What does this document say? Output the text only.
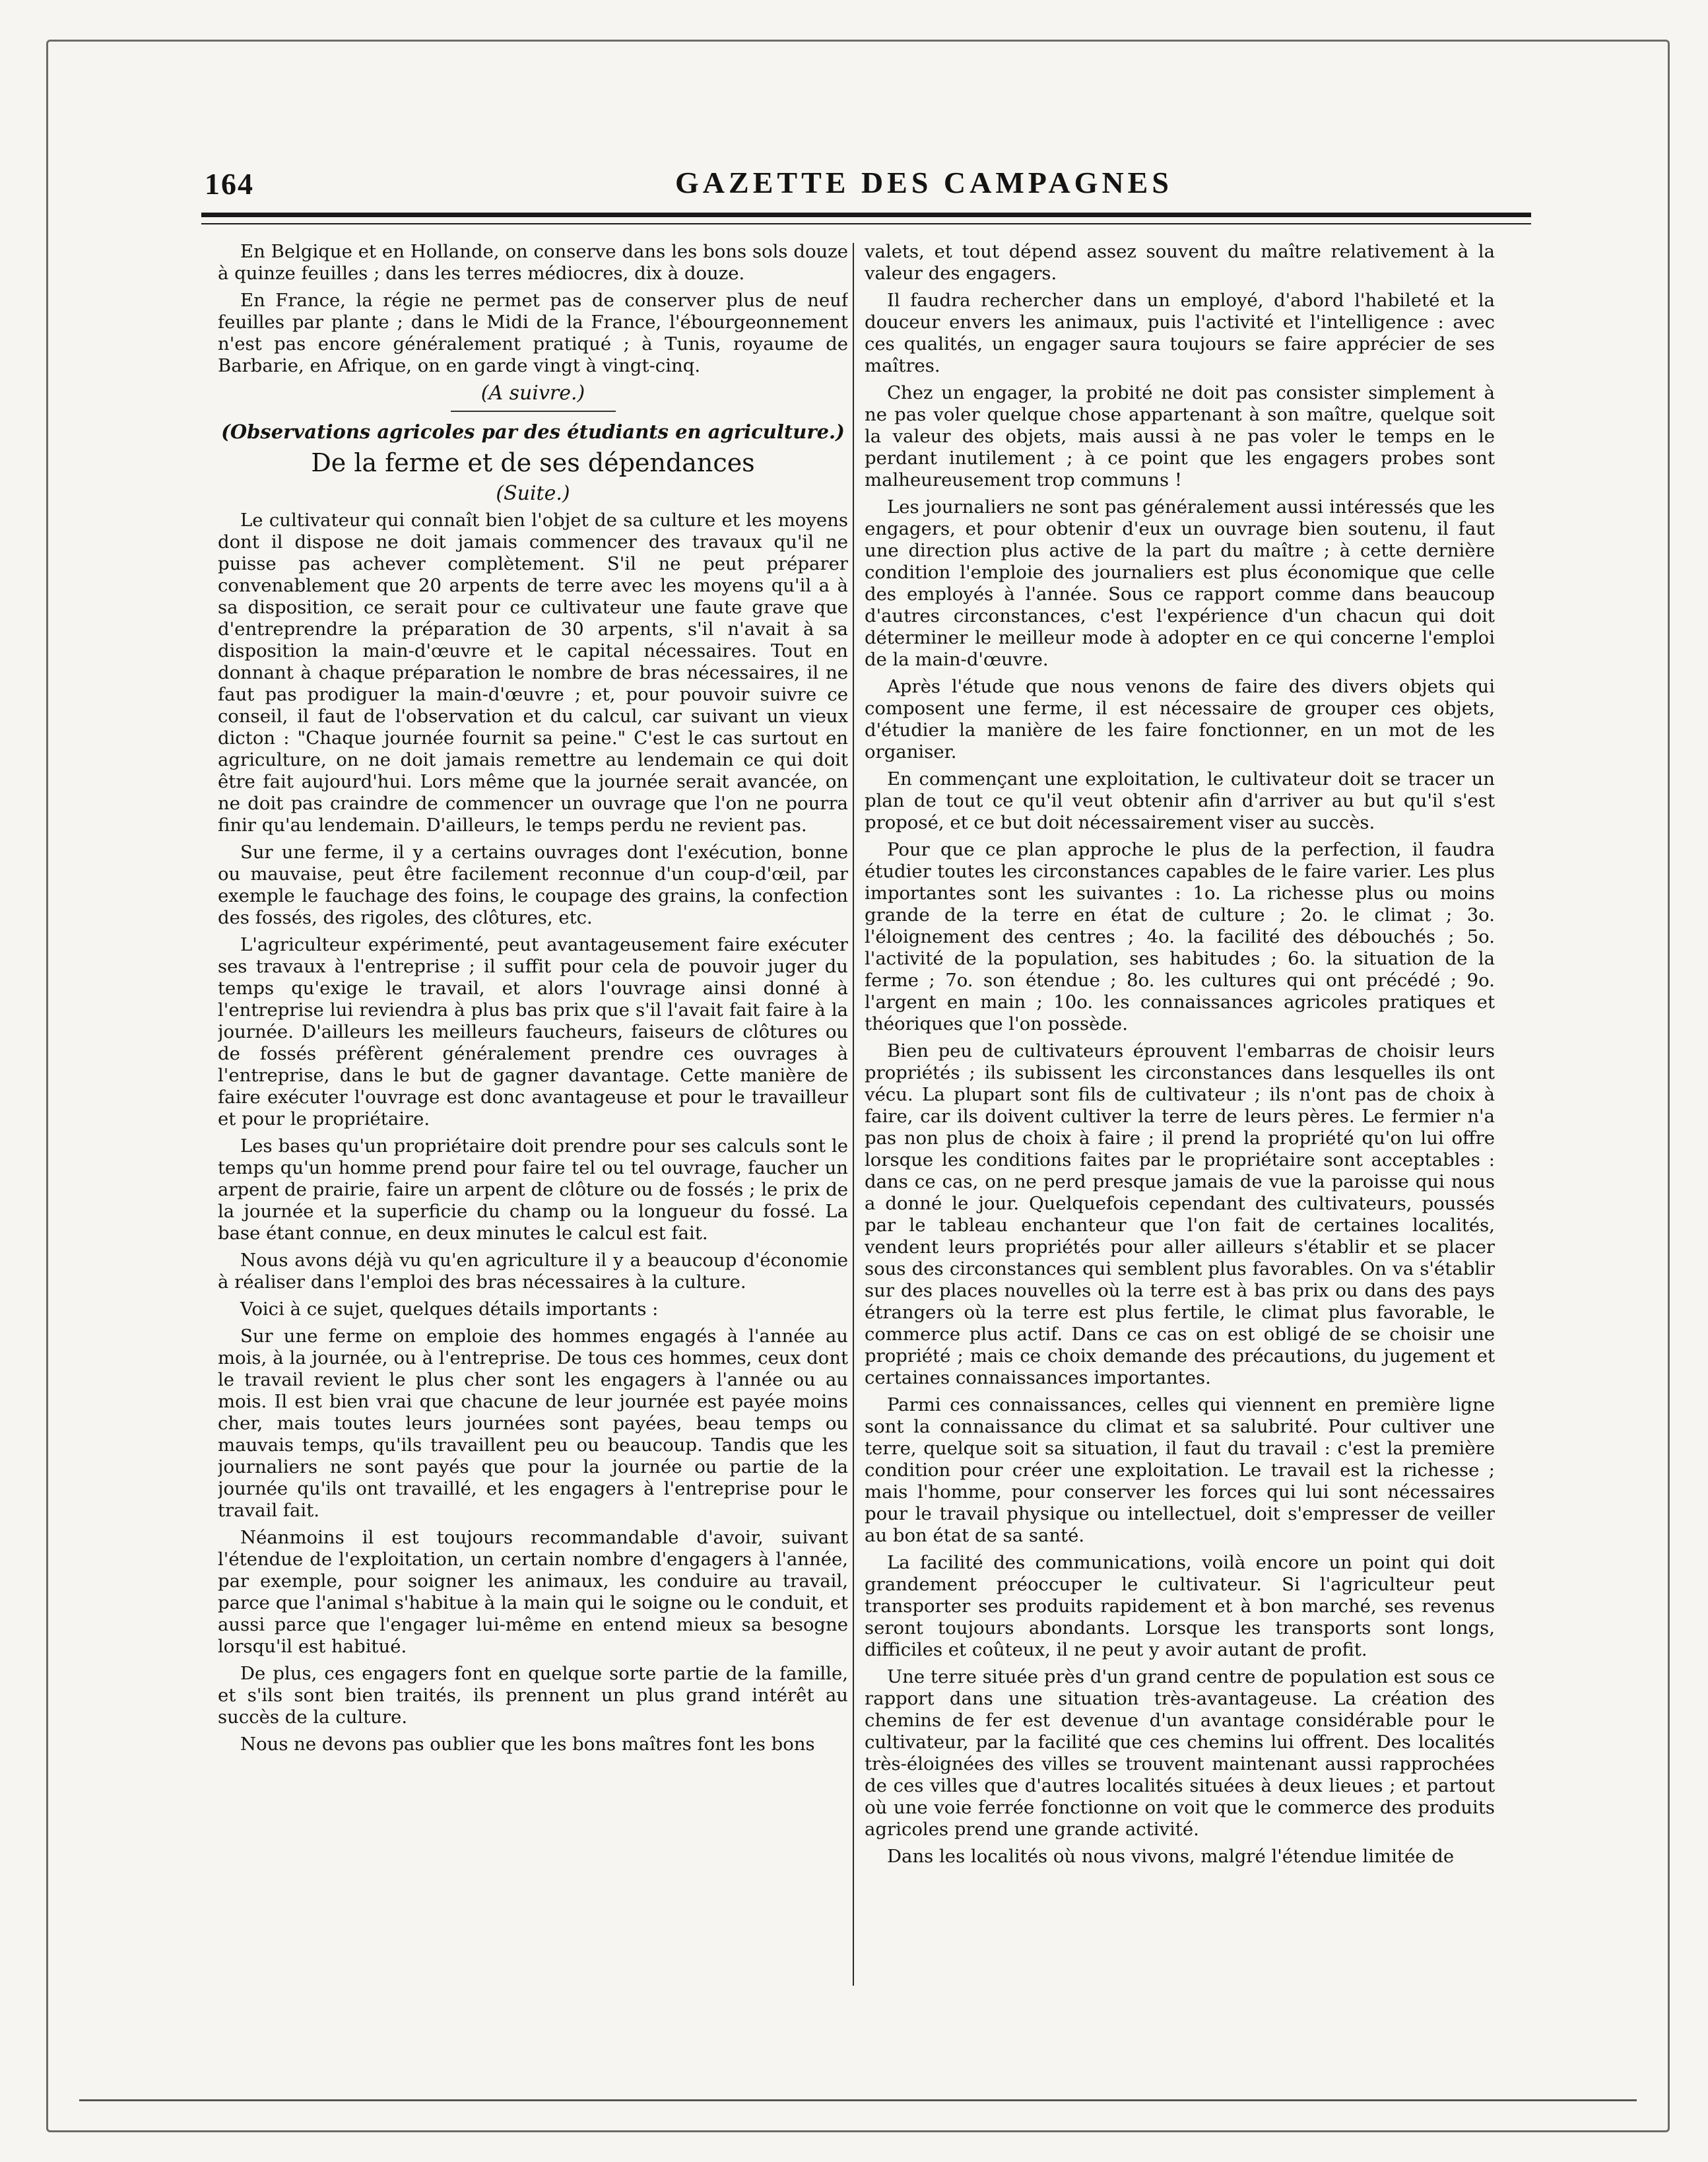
164	GAZETTE DES CAMPAGNES

En Belgique et en Hollande, on conserve dans les bons sols douze à quinze feuilles ; dans les terres médiocres, dix à douze.

En France, la régie ne permet pas de conserver plus de neuf feuilles par plante ; dans le Midi de la France, l'ébourgeonnement n'est pas encore généralement pratiqué ; à Tunis, royaume de Barbarie, en Afrique, on en garde vingt à vingt-cinq.

(A suivre.)

(Observations agricoles par des étudiants en agriculture.)

De la ferme et de ses dépendances

(Suite.)

Le cultivateur qui connaît bien l'objet de sa culture et les moyens dont il dispose ne doit jamais commencer des travaux qu'il ne puisse pas achever complètement. S'il ne peut préparer convenablement que 20 arpents de terre avec les moyens qu'il a à sa disposition, ce serait pour ce cultivateur une faute grave que d'entreprendre la préparation de 30 arpents, s'il n'avait à sa disposition la main-d'œuvre et le capital nécessaires. Tout en donnant à chaque préparation le nombre de bras nécessaires, il ne faut pas prodiguer la main-d'œuvre ; et, pour pouvoir suivre ce conseil, il faut de l'observation et du calcul, car suivant un vieux dicton : "Chaque journée fournit sa peine." C'est le cas surtout en agriculture, on ne doit jamais remettre au lendemain ce qui doit être fait aujourd'hui. Lors même que la journée serait avancée, on ne doit pas craindre de commencer un ouvrage que l'on ne pourra finir qu'au lendemain. D'ailleurs, le temps perdu ne revient pas.

Sur une ferme, il y a certains ouvrages dont l'exécution, bonne ou mauvaise, peut être facilement reconnue d'un coup-d'œil, par exemple le fauchage des foins, le coupage des grains, la confection des fossés, des rigoles, des clôtures, etc.

L'agriculteur expérimenté, peut avantageusement faire exécuter ses travaux à l'entreprise ; il suffit pour cela de pouvoir juger du temps qu'exige le travail, et alors l'ouvrage ainsi donné à l'entreprise lui reviendra à plus bas prix que s'il l'avait fait faire à la journée. D'ailleurs les meilleurs faucheurs, faiseurs de clôtures ou de fossés préfèrent généralement prendre ces ouvrages à l'entreprise, dans le but de gagner davantage. Cette manière de faire exécuter l'ouvrage est donc avantageuse et pour le travailleur et pour le propriétaire.

Les bases qu'un propriétaire doit prendre pour ses calculs sont le temps qu'un homme prend pour faire tel ou tel ouvrage, faucher un arpent de prairie, faire un arpent de clôture ou de fossés ; le prix de la journée et la superficie du champ ou la longueur du fossé. La base étant connue, en deux minutes le calcul est fait.

Nous avons déjà vu qu'en agriculture il y a beaucoup d'économie à réaliser dans l'emploi des bras nécessaires à la culture.

Voici à ce sujet, quelques détails importants :

Sur une ferme on emploie des hommes engagés à l'année au mois, à la journée, ou à l'entreprise. De tous ces hommes, ceux dont le travail revient le plus cher sont les engagers à l'année ou au mois. Il est bien vrai que chacune de leur journée est payée moins cher, mais toutes leurs journées sont payées, beau temps ou mauvais temps, qu'ils travaillent peu ou beaucoup. Tandis que les journaliers ne sont payés que pour la journée ou partie de la journée qu'ils ont travaillé, et les engagers à l'entreprise pour le travail fait.

Néanmoins il est toujours recommandable d'avoir, suivant l'étendue de l'exploitation, un certain nombre d'engagers à l'année, par exemple, pour soigner les animaux, les conduire au travail, parce que l'animal s'habitue à la main qui le soigne ou le conduit, et aussi parce que l'engager lui-même en entend mieux sa besogne lorsqu'il est habitué.

De plus, ces engagers font en quelque sorte partie de la famille, et s'ils sont bien traités, ils prennent un plus grand intérêt au succès de la culture.

Nous ne devons pas oublier que les bons maîtres font les bons

valets, et tout dépend assez souvent du maître relativement à la valeur des engagers.

Il faudra rechercher dans un employé, d'abord l'habileté et la douceur envers les animaux, puis l'activité et l'intelligence : avec ces qualités, un engager saura toujours se faire apprécier de ses maîtres.

Chez un engager, la probité ne doit pas consister simplement à ne pas voler quelque chose appartenant à son maître, quelque soit la valeur des objets, mais aussi à ne pas voler le temps en le perdant inutilement ; à ce point que les engagers probes sont malheureusement trop communs !

Les journaliers ne sont pas généralement aussi intéressés que les engagers, et pour obtenir d'eux un ouvrage bien soutenu, il faut une direction plus active de la part du maître ; à cette dernière condition l'emploie des journaliers est plus économique que celle des employés à l'année. Sous ce rapport comme dans beaucoup d'autres circonstances, c'est l'expérience d'un chacun qui doit déterminer le meilleur mode à adopter en ce qui concerne l'emploi de la main-d'œuvre.

Après l'étude que nous venons de faire des divers objets qui composent une ferme, il est nécessaire de grouper ces objets, d'étudier la manière de les faire fonctionner, en un mot de les organiser.

En commençant une exploitation, le cultivateur doit se tracer un plan de tout ce qu'il veut obtenir afin d'arriver au but qu'il s'est proposé, et ce but doit nécessairement viser au succès.

Pour que ce plan approche le plus de la perfection, il faudra étudier toutes les circonstances capables de le faire varier. Les plus importantes sont les suivantes : 1o. La richesse plus ou moins grande de la terre en état de culture ; 2o. le climat ; 3o. l'éloignement des centres ; 4o. la facilité des débouchés ; 5o. l'activité de la population, ses habitudes ; 6o. la situation de la ferme ; 7o. son étendue ; 8o. les cultures qui ont précédé ; 9o. l'argent en main ; 10o. les connaissances agricoles pratiques et théoriques que l'on possède.

Bien peu de cultivateurs éprouvent l'embarras de choisir leurs propriétés ; ils subissent les circonstances dans lesquelles ils ont vécu. La plupart sont fils de cultivateur ; ils n'ont pas de choix à faire, car ils doivent cultiver la terre de leurs pères. Le fermier n'a pas non plus de choix à faire ; il prend la propriété qu'on lui offre lorsque les conditions faites par le propriétaire sont acceptables : dans ce cas, on ne perd presque jamais de vue la paroisse qui nous a donné le jour. Quelquefois cependant des cultivateurs, poussés par le tableau enchanteur que l'on fait de certaines localités, vendent leurs propriétés pour aller ailleurs s'établir et se placer sous des circonstances qui semblent plus favorables. On va s'établir sur des places nouvelles où la terre est à bas prix ou dans des pays étrangers où la terre est plus fertile, le climat plus favorable, le commerce plus actif. Dans ce cas on est obligé de se choisir une propriété ; mais ce choix demande des précautions, du jugement et certaines connaissances importantes.

Parmi ces connaissances, celles qui viennent en première ligne sont la connaissance du climat et sa salubrité. Pour cultiver une terre, quelque soit sa situation, il faut du travail : c'est la première condition pour créer une exploitation. Le travail est la richesse ; mais l'homme, pour conserver les forces qui lui sont nécessaires pour le travail physique ou intellectuel, doit s'empresser de veiller au bon état de sa santé.

La facilité des communications, voilà encore un point qui doit grandement préoccuper le cultivateur. Si l'agriculteur peut transporter ses produits rapidement et à bon marché, ses revenus seront toujours abondants. Lorsque les transports sont longs, difficiles et coûteux, il ne peut y avoir autant de profit.

Une terre située près d'un grand centre de population est sous ce rapport dans une situation très-avantageuse. La création des chemins de fer est devenue d'un avantage considérable pour le cultivateur, par la facilité que ces chemins lui offrent. Des localités très-éloignées des villes se trouvent maintenant aussi rapprochées de ces villes que d'autres localités situées à deux lieues ; et partout où une voie ferrée fonctionne on voit que le commerce des produits agricoles prend une grande activité.

Dans les localités où nous vivons, malgré l'étendue limitée de
